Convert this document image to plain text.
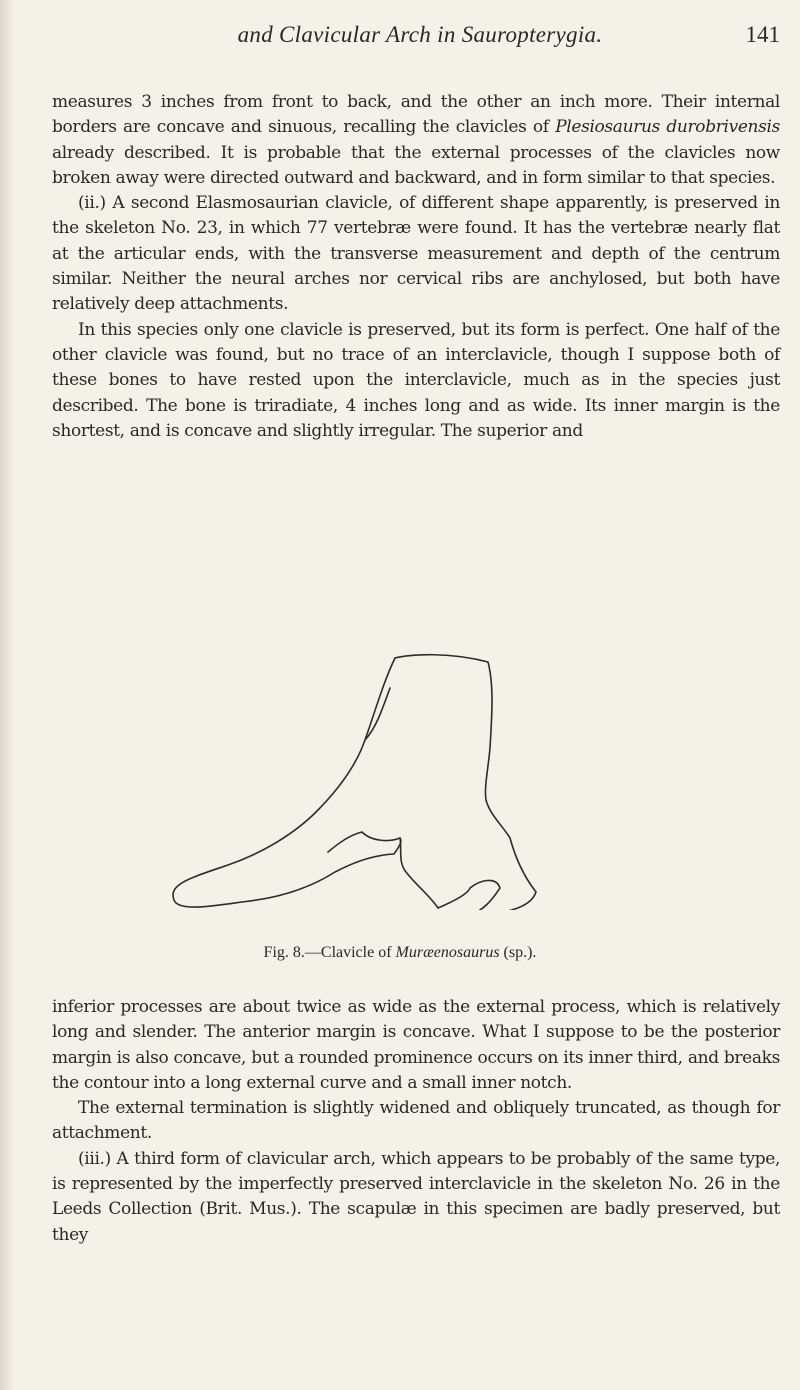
and Clavicular Arch in Sauropterygia.	141

measures 3 inches from front to back, and the other an inch more. Their internal borders are concave and sinuous, recalling the clavicles of Plesiosaurus durobrivensis already described. It is probable that the external processes of the clavicles now broken away were directed outward and backward, and in form similar to that species.

(ii.) A second Elasmosaurian clavicle, of different shape apparently, is preserved in the skeleton No. 23, in which 77 vertebræ were found. It has the vertebræ nearly flat at the articular ends, with the transverse measurement and depth of the centrum similar. Neither the neural arches nor cervical ribs are anchylosed, but both have relatively deep attachments.

In this species only one clavicle is preserved, but its form is perfect. One half of the other clavicle was found, but no trace of an interclavicle, though I suppose both of these bones to have rested upon the interclavicle, much as in the species just described. The bone is triradiate, 4 inches long and as wide. Its inner margin is the shortest, and is concave and slightly irregular. The superior and

Fig. 8.—Clavicle of Muræenosaurus (sp.).

inferior processes are about twice as wide as the external process, which is relatively long and slender. The anterior margin is concave. What I suppose to be the posterior margin is also concave, but a rounded prominence occurs on its inner third, and breaks the contour into a long external curve and a small inner notch.

The external termination is slightly widened and obliquely truncated, as though for attachment.

(iii.) A third form of clavicular arch, which appears to be probably of the same type, is represented by the imperfectly preserved interclavicle in the skeleton No. 26 in the Leeds Collection (Brit. Mus.). The scapulæ in this specimen are badly preserved, but they
